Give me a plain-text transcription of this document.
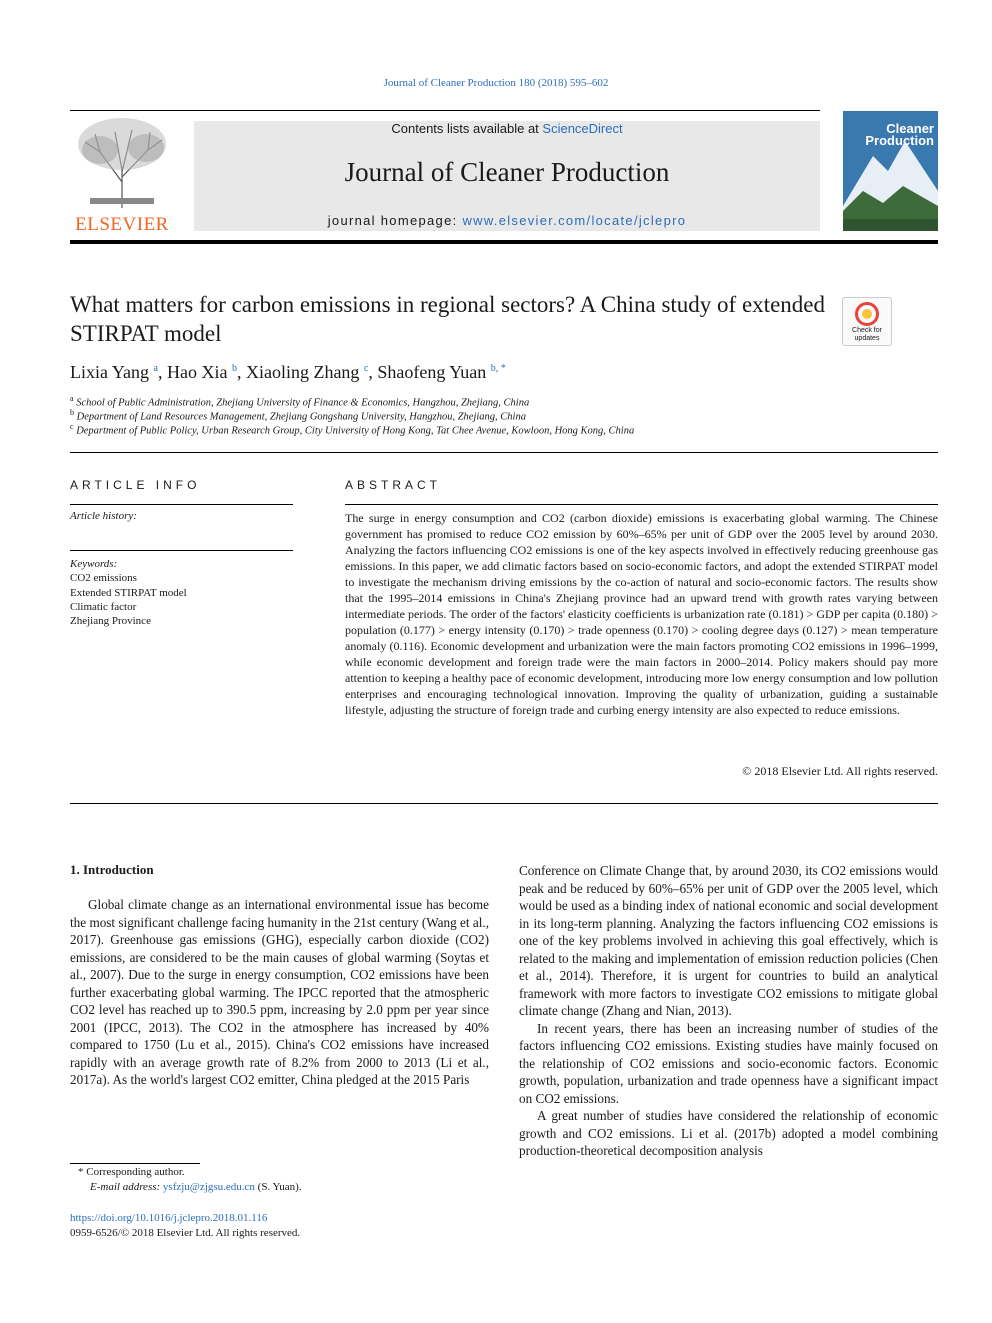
Journal of Cleaner Production 180 (2018) 595–602
ELSEVIER
Contents lists available at ScienceDirect
Journal of Cleaner Production
journal homepage: www.elsevier.com/locate/jclepro
Cleaner Production
What matters for carbon emissions in regional sectors? A China study of extended STIRPAT model	Check for updates
Lixia Yang $^a$, Hao Xia $^b$, Xiaoling Zhang $^c$, Shaofeng Yuan $^{b, *}$
$^a$ School of Public Administration, Zhejiang University of Finance & Economics, Hangzhou, Zhejiang, China
$^b$ Department of Land Resources Management, Zhejiang Gongshang University, Hangzhou, Zhejiang, China
$^c$ Department of Public Policy, Urban Research Group, City University of Hong Kong, Tat Chee Avenue, Kowloon, Hong Kong, China
ARTICLE INFO
Article history:
Keywords:
CO2 emissions
Extended STIRPAT model
Climatic factor
Zhejiang Province
ABSTRACT
The surge in energy consumption and CO2 (carbon dioxide) emissions is exacerbating global warming. The Chinese government has promised to reduce CO2 emission by 60%–65% per unit of GDP over the 2005 level by around 2030. Analyzing the factors influencing CO2 emissions is one of the key aspects involved in effectively reducing greenhouse gas emissions. In this paper, we add climatic factors based on socio-economic factors, and adopt the extended STIRPAT model to investigate the mechanism driving emissions by the co-action of natural and socio-economic factors. The results show that the 1995–2014 emissions in China's Zhejiang province had an upward trend with growth rates varying between intermediate periods. The order of the factors' elasticity coefficients is urbanization rate (0.181) > GDP per capita (0.180) > population (0.177) > energy intensity (0.170) > trade openness (0.170) > cooling degree days (0.127) > mean temperature anomaly (0.116). Economic development and urbanization were the main factors promoting CO2 emissions in 1996–1999, while economic development and foreign trade were the main factors in 2000–2014. Policy makers should pay more attention to keeping a healthy pace of economic development, introducing more low energy consumption and low pollution enterprises and encouraging technological innovation. Improving the quality of urbanization, guiding a sustainable lifestyle, adjusting the structure of foreign trade and curbing energy intensity are also expected to reduce emissions.
© 2018 Elsevier Ltd. All rights reserved.
1. Introduction

Global climate change as an international environmental issue has become the most significant challenge facing humanity in the 21st century (Wang et al., 2017). Greenhouse gas emissions (GHG), especially carbon dioxide (CO2) emissions, are considered to be the main causes of global warming (Soytas et al., 2007). Due to the surge in energy consumption, CO2 emissions have been further exacerbating global warming. The IPCC reported that the atmospheric CO2 level has reached up to 390.5 ppm, increasing by 2.0 ppm per year since 2001 (IPCC, 2013). The CO2 in the atmosphere has increased by 40% compared to 1750 (Lu et al., 2015). China's CO2 emissions have increased rapidly with an average growth rate of 8.2% from 2000 to 2013 (Li et al., 2017a). As the world's largest CO2 emitter, China pledged at the 2015 Paris

Conference on Climate Change that, by around 2030, its CO2 emissions would peak and be reduced by 60%–65% per unit of GDP over the 2005 level, which would be used as a binding index of national economic and social development in its long-term planning. Analyzing the factors influencing CO2 emissions is one of the key problems involved in achieving this goal effectively, which is related to the making and implementation of emission reduction policies (Chen et al., 2014). Therefore, it is urgent for countries to build an analytical framework with more factors to investigate CO2 emissions to mitigate global climate change (Zhang and Nian, 2013).

In recent years, there has been an increasing number of studies of the factors influencing CO2 emissions. Existing studies have mainly focused on the relationship of CO2 emissions and socio-economic factors. Economic growth, population, urbanization and trade openness have a significant impact on CO2 emissions.

A great number of studies have considered the relationship of economic growth and CO2 emissions. Li et al. (2017b) adopted a model combining production-theoretical decomposition analysis

* Corresponding author.
E-mail address: ysfzju@zjgsu.edu.cn (S. Yuan).
https://doi.org/10.1016/j.jclepro.2018.01.116
0959-6526/© 2018 Elsevier Ltd. All rights reserved.
